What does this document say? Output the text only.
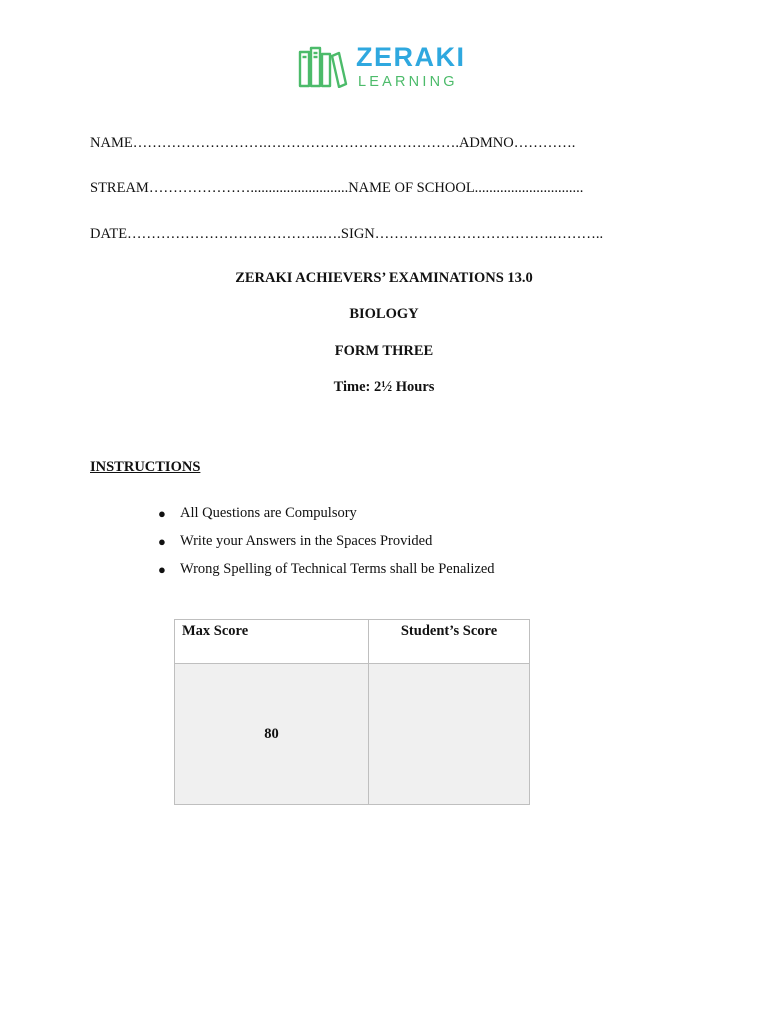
ZERAKI
LEARNING
NAME……………………….………………………………….ADMNO………….
STREAM…………………...........................NAME OF SCHOOL..............................
DATE…………………………………..….SIGN……………………………….………..
ZERAKI ACHIEVERS’ EXAMINATIONS 13.0
BIOLOGY
FORM THREE
Time: 2½ Hours
INSTRUCTIONS
● All Questions are Compulsory
● Write your Answers in the Spaces Provided
● Wrong Spelling of Technical Terms shall be Penalized
Max Score	Student’s Score

80	
